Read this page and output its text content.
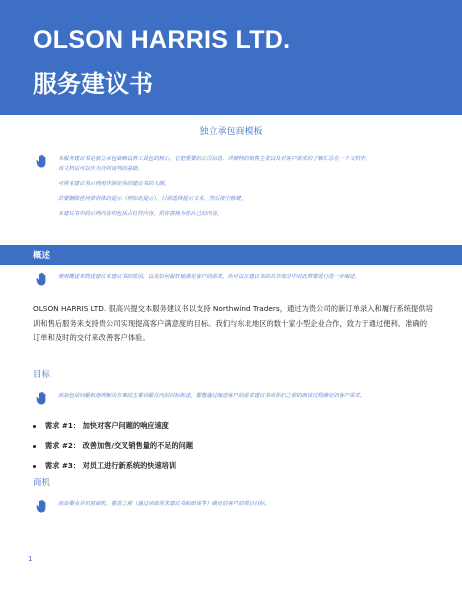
OLSON HARRIS LTD.
服务建议书
独立承包商模板

本服务建议书是独立承包商赖以将工具包的核心。它把重要的公司信息、详细特的销售主张以及对客户需求的了解汇总在一个文档中。

该文档以可以作为合同谈判的基础。

可将本建议书示例用作制定你的建议书的大纲。

若要删除任何带斜体的提示（例如此提示），只需选择提示文本，然后按空格键。

本建议书中的示例内容均包括占位符内容。供你替换为你自己的内容。

概述

使用概述来简述建议本建议书的原因，以及如何最好地满足客户的需求。你可以在建议书的其余部分中对此简要进行进一步阐述。

OLSON HARRIS LTD. 很高兴提交本服务建议书以支持 Northwind Traders，通过为贵公司的新订单录入和履行系统提供培训和售后服务来支持贵公司实现提高客户满意度的目标。我们与东北地区的数十家小型企业合作，致力于通过便利、准确的订单和及时的交付来改善客户体验。

目标

添加包括问题和逐例解决方案的主要话题在内的目标陈述。要想通过阐述客户的需求建议书或你们之前的面谈过程确定的客户需求。

需求 #1： 加快对客户问题的响应速度
需求 #2： 改善加售/交叉销售量的不足的问题
需求 #3： 对员工进行新系统的快速培训
商机

添加要点并识别商机。要进之前（通过读取需求建议书和面谈等）确定的客户的项目目标。

1
